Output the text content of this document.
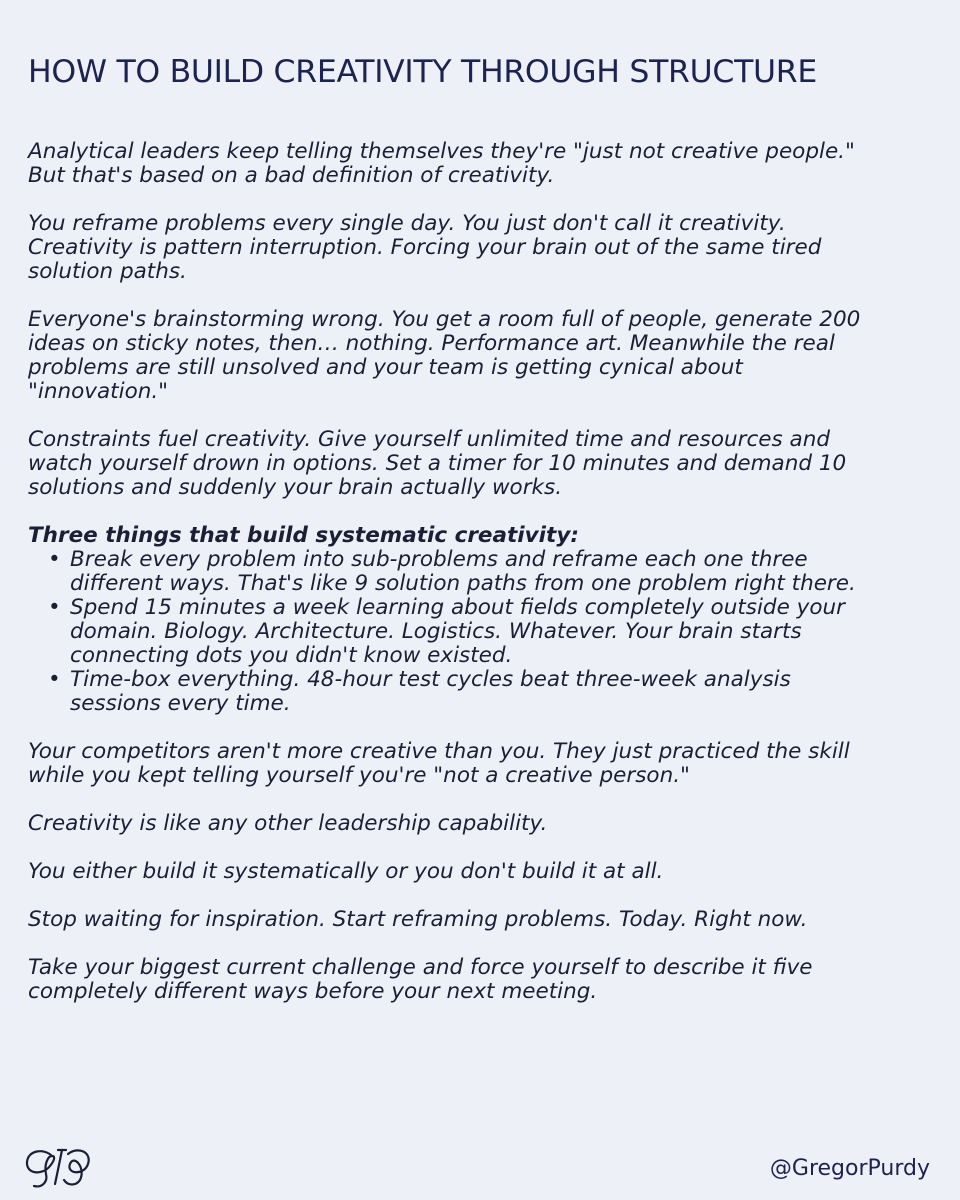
HOW TO BUILD CREATIVITY THROUGH STRUCTURE

Analytical leaders keep telling themselves they're "just not creative people."
But that's based on a bad definition of creativity.

You reframe problems every single day. You just don't call it creativity.
Creativity is pattern interruption. Forcing your brain out of the same tired
solution paths.

Everyone's brainstorming wrong. You get a room full of people, generate 200
ideas on sticky notes, then… nothing. Performance art. Meanwhile the real
problems are still unsolved and your team is getting cynical about
"innovation."

Constraints fuel creativity. Give yourself unlimited time and resources and
watch yourself drown in options. Set a timer for 10 minutes and demand 10
solutions and suddenly your brain actually works.

Three things that build systematic creativity:

• Break every problem into sub-problems and reframe each one three
different ways. That's like 9 solution paths from one problem right there.
• Spend 15 minutes a week learning about fields completely outside your
domain. Biology. Architecture. Logistics. Whatever. Your brain starts
connecting dots you didn't know existed.
• Time-box everything. 48-hour test cycles beat three-week analysis
sessions every time.

Your competitors aren't more creative than you. They just practiced the skill
while you kept telling yourself you're "not a creative person."

Creativity is like any other leadership capability.

You either build it systematically or you don't build it at all.

Stop waiting for inspiration. Start reframing problems. Today. Right now.

Take your biggest current challenge and force yourself to describe it five
completely different ways before your next meeting.

@GregorPurdy
